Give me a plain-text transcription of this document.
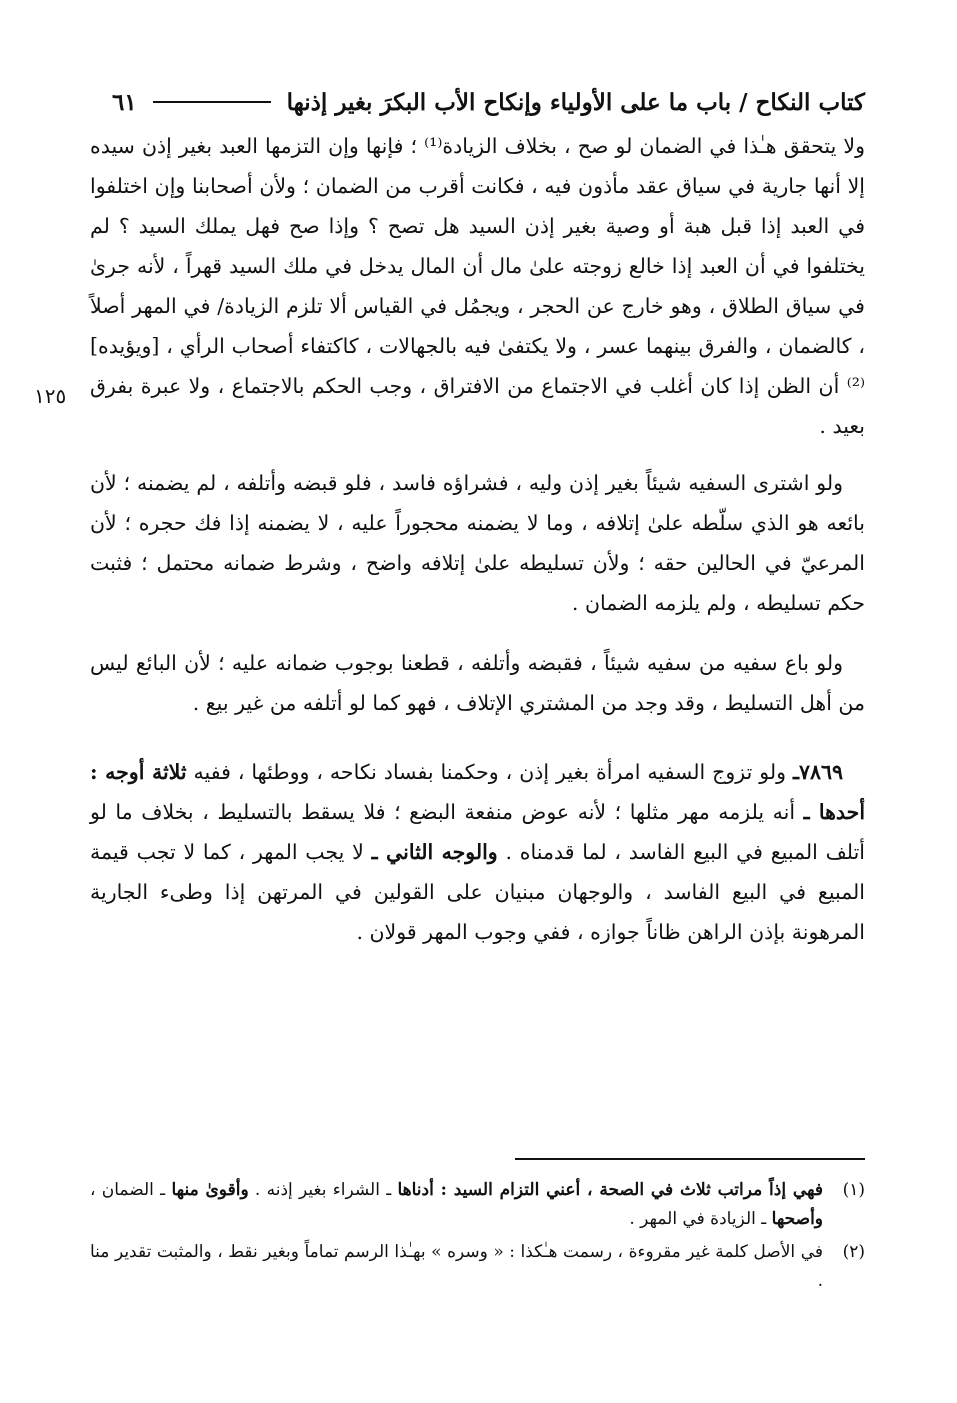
كتاب النكاح / باب ما على الأولياء وإنكاح الأب البكرَ بغير إذنها
٦١
١٢٥

ولا يتحقق هـٰذا في الضمان لو صح ، بخلاف الزيادة⁽¹⁾ ؛ فإنها وإن التزمها العبد بغير إذن سيده إلا أنها جارية في سياق عقد مأذون فيه ، فكانت أقرب من الضمان ؛ ولأن أصحابنا وإن اختلفوا في العبد إذا قبل هبة أو وصية بغير إذن السيد هل تصح ؟ وإذا صح فهل يملك السيد ؟ لم يختلفوا في أن العبد إذا خالع زوجته علىٰ مال أن المال يدخل في ملك السيد قهراً ، لأنه جرىٰ في سياق الطلاق ، وهو خارج عن الحجر ، ويجمُل في القياس ألا تلزم الزيادة/ في المهر أصلاً ، كالضمان ، والفرق بينهما عسر ، ولا يكتفىٰ فيه بالجهالات ، كاكتفاء أصحاب الرأي ، [ويؤيده]⁽²⁾ أن الظن إذا كان أغلب في الاجتماع من الافتراق ، وجب الحكم بالاجتماع ، ولا عبرة بفرق بعيد .

ولو اشترى السفيه شيئاً بغير إذن وليه ، فشراؤه فاسد ، فلو قبضه وأتلفه ، لم يضمنه ؛ لأن بائعه هو الذي سلّطه علىٰ إتلافه ، وما لا يضمنه محجوراً عليه ، لا يضمنه إذا فك حجره ؛ لأن المرعيّ في الحالين حقه ؛ ولأن تسليطه علىٰ إتلافه واضح ، وشرط ضمانه محتمل ؛ فثبت حكم تسليطه ، ولم يلزمه الضمان .

ولو باع سفيه من سفيه شيئاً ، فقبضه وأتلفه ، قطعنا بوجوب ضمانه عليه ؛ لأن البائع ليس من أهل التسليط ، وقد وجد من المشتري الإتلاف ، فهو كما لو أتلفه من غير بيع .

٧٨٦٩ـ ولو تزوج السفيه امرأة بغير إذن ، وحكمنا بفساد نكاحه ، ووطئها ، ففيه ثلاثة أوجه : أحدها ـ أنه يلزمه مهر مثلها ؛ لأنه عوض منفعة البضع ؛ فلا يسقط بالتسليط ، بخلاف ما لو أتلف المبيع في البيع الفاسد ، لما قدمناه . والوجه الثاني ـ لا يجب المهر ، كما لا تجب قيمة المبيع في البيع الفاسد ، والوجهان مبنيان على القولين في المرتهن إذا وطىء الجارية المرهونة بإذن الراهن ظاناً جوازه ، ففي وجوب المهر قولان .

(١)
فهي إذاً مراتب ثلاث في الصحة ، أعني التزام السيد : أدناها ـ الشراء بغير إذنه . وأقوىٰ منها ـ الضمان ، وأصحها ـ الزيادة في المهر .
(٢)
في الأصل كلمة غير مقروءة ، رسمت هـٰكذا : « وسره » بهـٰذا الرسم تماماً وبغير نقط ، والمثبت تقدير منا .
